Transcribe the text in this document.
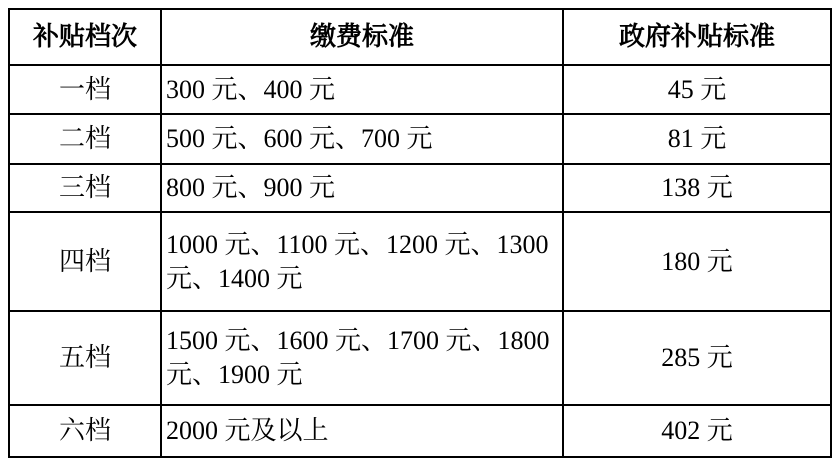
补贴档次	缴费标准	政府补贴标准
一档	300 元、400 元	45 元
二档	500 元、600 元、700 元	81 元
三档	800 元、900 元	138 元
四档	1000 元、1100 元、1200 元、1300 元、1400 元	180 元
五档	1500 元、1600 元、1700 元、1800 元、1900 元	285 元
六档	2000 元及以上	402 元
